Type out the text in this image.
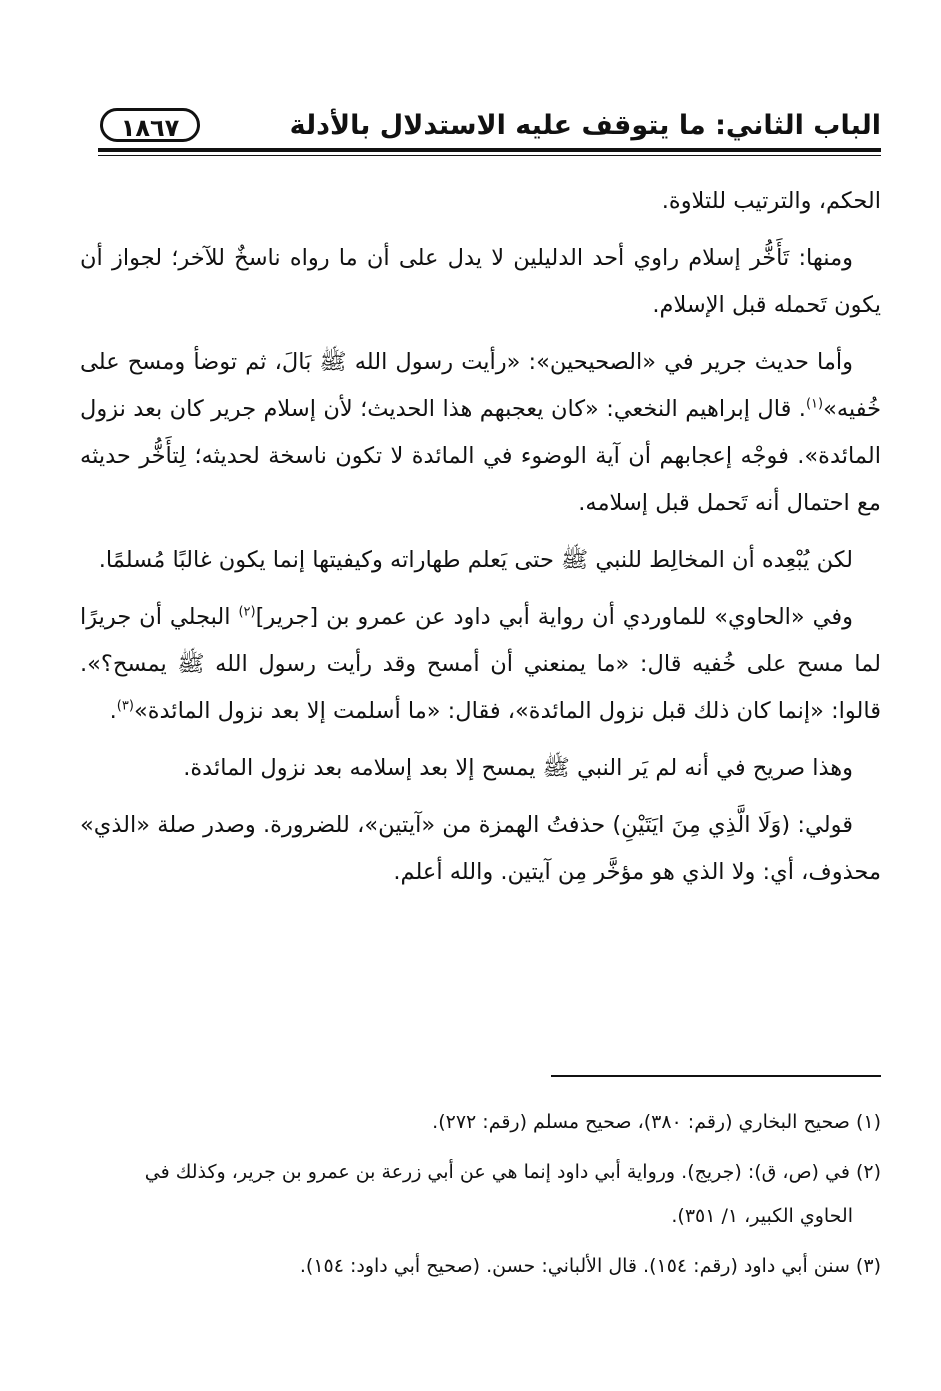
الباب الثاني: ما يتوقف عليه الاستدلال بالأدلة
١٨٦٧

الحكم، والترتيب للتلاوة.

ومنها: تَأَخُّر إسلام راوي أحد الدليلين لا يدل على أن ما رواه ناسخٌ للآخر؛ لجواز أن يكون تَحمله قبل الإسلام.

وأما حديث جرير في «الصحيحين»: «رأيت رسول الله ﷺ بَالَ، ثم توضأ ومسح على خُفيه»$^{(١)}$. قال إبراهيم النخعي: «كان يعجبهم هذا الحديث؛ لأن إسلام جرير كان بعد نزول المائدة». فوجْه إعجابهم أن آية الوضوء في المائدة لا تكون ناسخة لحديثه؛ لِتأَخُّر حديثه مع احتمال أنه تَحمل قبل إسلامه.

لكن يُبْعِده أن المخالِط للنبي ﷺ حتى يَعلم طهاراته وكيفيتها إنما يكون غالبًا مُسلمًا.

وفي «الحاوي» للماوردي أن رواية أبي داود عن عمرو بن [جرير]$^{(٢)}$ البجلي أن جريرًا لما مسح على خُفيه قال: «ما يمنعني أن أمسح وقد رأيت رسول الله ﷺ يمسح؟». قالوا: «إنما كان ذلك قبل نزول المائدة»، فقال: «ما أسلمت إلا بعد نزول المائدة»$^{(٣)}$.

وهذا صريح في أنه لم يَر النبي ﷺ يمسح إلا بعد إسلامه بعد نزول المائدة.

قولي: (وَلَا الَّذِي مِنَ ايَتَيْنِ) حذفتُ الهمزة من «آيتين»، للضرورة. وصدر صلة «الذي» محذوف، أي: ولا الذي هو مؤخَّر مِن آيتين. والله أعلم.

(١) صحيح البخاري (رقم: ٣٨٠)، صحيح مسلم (رقم: ٢٧٢).

(٢) في (ص، ق): (جريج). ورواية أبي داود إنما هي عن أبي زرعة بن عمرو بن جرير، وكذلك في
الحاوي الكبير، ١/ ٣٥١).

(٣) سنن أبي داود (رقم: ١٥٤). قال الألباني: حسن. (صحيح أبي داود: ١٥٤).
